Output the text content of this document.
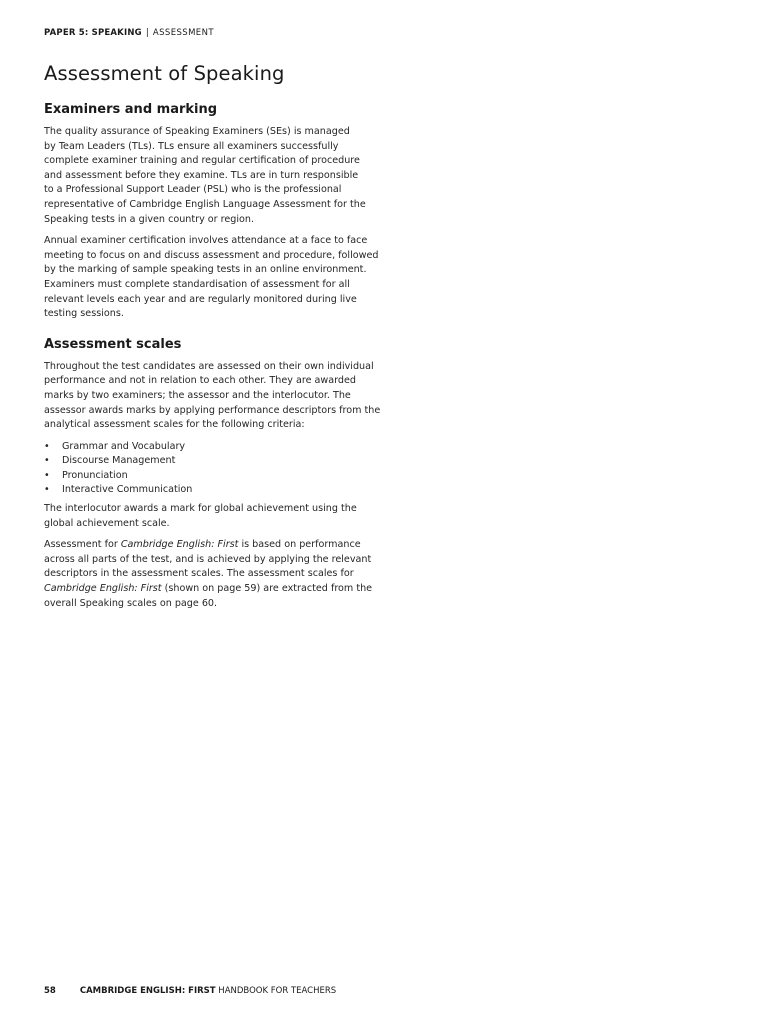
PAPER 5: SPEAKING | ASSESSMENT
Assessment of Speaking
Examiners and marking

The quality assurance of Speaking Examiners (SEs) is managed
by Team Leaders (TLs). TLs ensure all examiners successfully
complete examiner training and regular certification of procedure
and assessment before they examine. TLs are in turn responsible
to a Professional Support Leader (PSL) who is the professional
representative of Cambridge English Language Assessment for the
Speaking tests in a given country or region.

Annual examiner certification involves attendance at a face to face
meeting to focus on and discuss assessment and procedure, followed
by the marking of sample speaking tests in an online environment.
Examiners must complete standardisation of assessment for all
relevant levels each year and are regularly monitored during live
testing sessions.

Assessment scales

Throughout the test candidates are assessed on their own individual
performance and not in relation to each other. They are awarded
marks by two examiners; the assessor and the interlocutor. The
assessor awards marks by applying performance descriptors from the
analytical assessment scales for the following criteria:

• Grammar and Vocabulary
• Discourse Management
• Pronunciation
• Interactive Communication

The interlocutor awards a mark for global achievement using the
global achievement scale.

Assessment for Cambridge English: First is based on performance
across all parts of the test, and is achieved by applying the relevant
descriptors in the assessment scales. The assessment scales for
Cambridge English: First (shown on page 59) are extracted from the
overall Speaking scales on page 60.

58	CAMBRIDGE ENGLISH: FIRST HANDBOOK FOR TEACHERS
